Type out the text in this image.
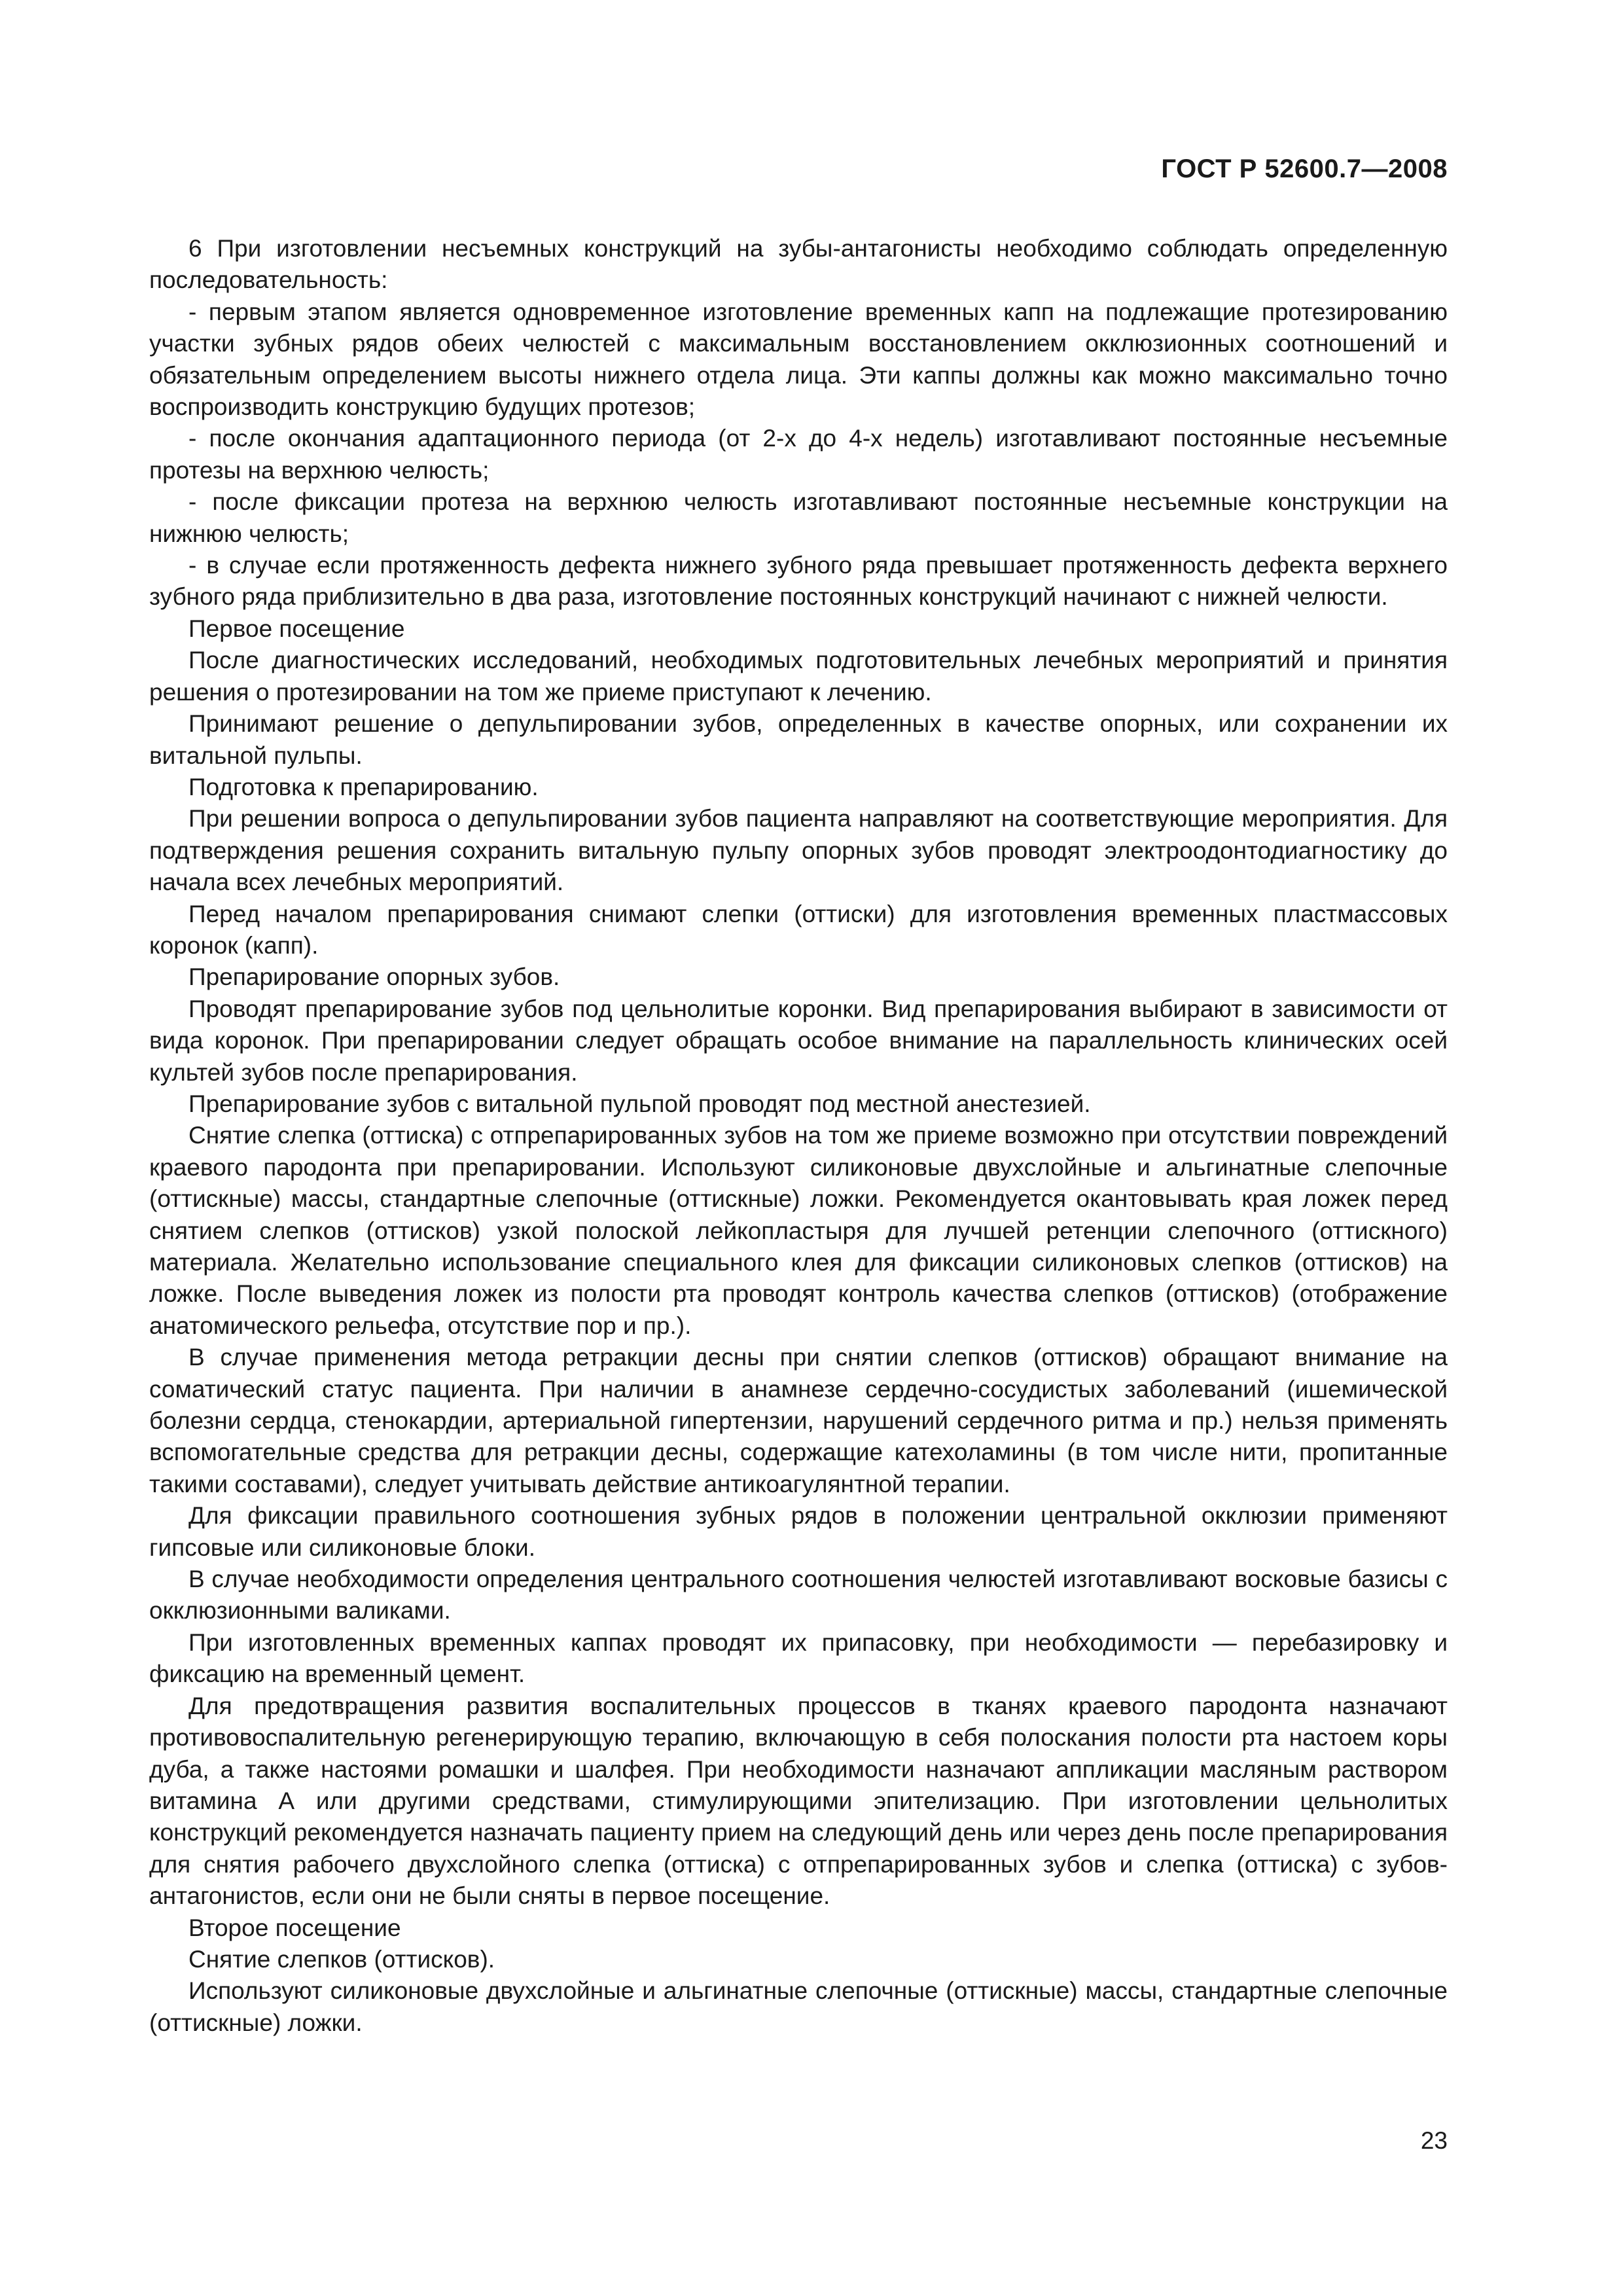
ГОСТ Р 52600.7—2008

6 При изготовлении несъемных конструкций на зубы-антагонисты необходимо соблюдать определенную последовательность:

- первым этапом является одновременное изготовление временных капп на подлежащие протезированию участки зубных рядов обеих челюстей с максимальным восстановлением окклюзионных соотношений и обязательным определением высоты нижнего отдела лица. Эти каппы должны как можно максимально точно воспроизводить конструкцию будущих протезов;

- после окончания адаптационного периода (от 2-х до 4-х недель) изготавливают постоянные несъемные протезы на верхнюю челюсть;

- после фиксации протеза на верхнюю челюсть изготавливают постоянные несъемные конструкции на нижнюю челюсть;

- в случае если протяженность дефекта нижнего зубного ряда превышает протяженность дефекта верхнего зубного ряда приблизительно в два раза, изготовление постоянных конструкций начинают с нижней челюсти.

Первое посещение

После диагностических исследований, необходимых подготовительных лечебных мероприятий и принятия решения о протезировании на том же приеме приступают к лечению.

Принимают решение о депульпировании зубов, определенных в качестве опорных, или сохранении их витальной пульпы.

Подготовка к препарированию.

При решении вопроса о депульпировании зубов пациента направляют на соответствующие мероприятия. Для подтверждения решения сохранить витальную пульпу опорных зубов проводят электроодонтодиагностику до начала всех лечебных мероприятий.

Перед началом препарирования снимают слепки (оттиски) для изготовления временных пластмассовых коронок (капп).

Препарирование опорных зубов.

Проводят препарирование зубов под цельнолитые коронки. Вид препарирования выбирают в зависимости от вида коронок. При препарировании следует обращать особое внимание на параллельность клинических осей культей зубов после препарирования.

Препарирование зубов с витальной пульпой проводят под местной анестезией.

Снятие слепка (оттиска) с отпрепарированных зубов на том же приеме возможно при отсутствии повреждений краевого пародонта при препарировании. Используют силиконовые двухслойные и альгинатные слепочные (оттискные) массы, стандартные слепочные (оттискные) ложки. Рекомендуется окантовывать края ложек перед снятием слепков (оттисков) узкой полоской лейкопластыря для лучшей ретенции слепочного (оттискного) материала. Желательно использование специального клея для фиксации силиконовых слепков (оттисков) на ложке. После выведения ложек из полости рта проводят контроль качества слепков (оттисков) (отображение анатомического рельефа, отсутствие пор и пр.).

В случае применения метода ретракции десны при снятии слепков (оттисков) обращают внимание на соматический статус пациента. При наличии в анамнезе сердечно-сосудистых заболеваний (ишемической болезни сердца, стенокардии, артериальной гипертензии, нарушений сердечного ритма и пр.) нельзя применять вспомогательные средства для ретракции десны, содержащие катехоламины (в том числе нити, пропитанные такими составами), следует учитывать действие антикоагулянтной терапии.

Для фиксации правильного соотношения зубных рядов в положении центральной окклюзии применяют гипсовые или силиконовые блоки.

В случае необходимости определения центрального соотношения челюстей изготавливают восковые базисы с окклюзионными валиками.

При изготовленных временных каппах проводят их припасовку, при необходимости — перебазировку и фиксацию на временный цемент.

Для предотвращения развития воспалительных процессов в тканях краевого пародонта назначают противовоспалительную регенерирующую терапию, включающую в себя полоскания полости рта настоем коры дуба, а также настоями ромашки и шалфея. При необходимости назначают аппликации масляным раствором витамина А или другими средствами, стимулирующими эпителизацию. При изготовлении цельнолитых конструкций рекомендуется назначать пациенту прием на следующий день или через день после препарирования для снятия рабочего двухслойного слепка (оттиска) с отпрепарированных зубов и слепка (оттиска) с зубов-антагонистов, если они не были сняты в первое посещение.

Второе посещение

Снятие слепков (оттисков).

Используют силиконовые двухслойные и альгинатные слепочные (оттискные) массы, стандартные слепочные (оттискные) ложки.

23
